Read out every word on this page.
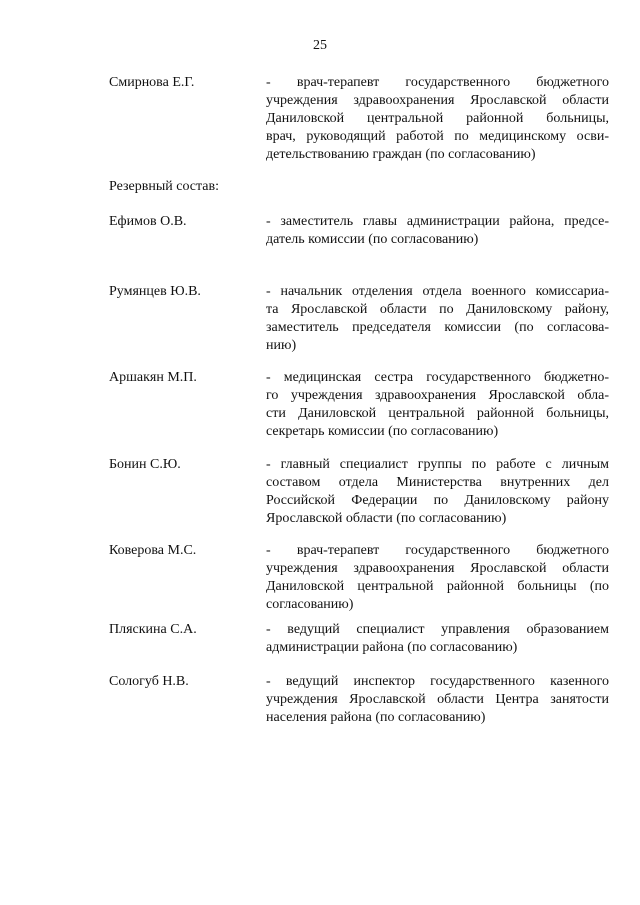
25
Смирнова Е.Г.	- врач-терапевт государственного бюджетного
учреждения здравоохранения Ярославской области
Даниловской центральной районной больницы,
врач, руководящий работой по медицинскому осви-
детельствованию граждан (по согласованию)
Резервный состав:
Ефимов О.В.	- заместитель главы администрации района, предсе-
датель комиссии (по согласованию)
Румянцев Ю.В.	- начальник отделения отдела военного комиссариа-
та Ярославской области по Даниловскому району,
заместитель председателя комиссии (по согласова-
нию)
Аршакян М.П.	- медицинская сестра государственного бюджетно-
го учреждения здравоохранения Ярославской обла-
сти Даниловской центральной районной больницы,
секретарь комиссии (по согласованию)
Бонин С.Ю.	- главный специалист группы по работе с личным
составом отдела Министерства внутренних дел
Российской Федерации по Даниловскому району
Ярославской области (по согласованию)
Коверова М.С.	- врач-терапевт государственного бюджетного
учреждения здравоохранения Ярославской области
Даниловской центральной районной больницы (по
согласованию)
Пляскина С.А.	- ведущий специалист управления образованием
администрации района (по согласованию)
Сологуб Н.В.	- ведущий инспектор государственного казенного
учреждения Ярославской области Центра занятости
населения района (по согласованию)
